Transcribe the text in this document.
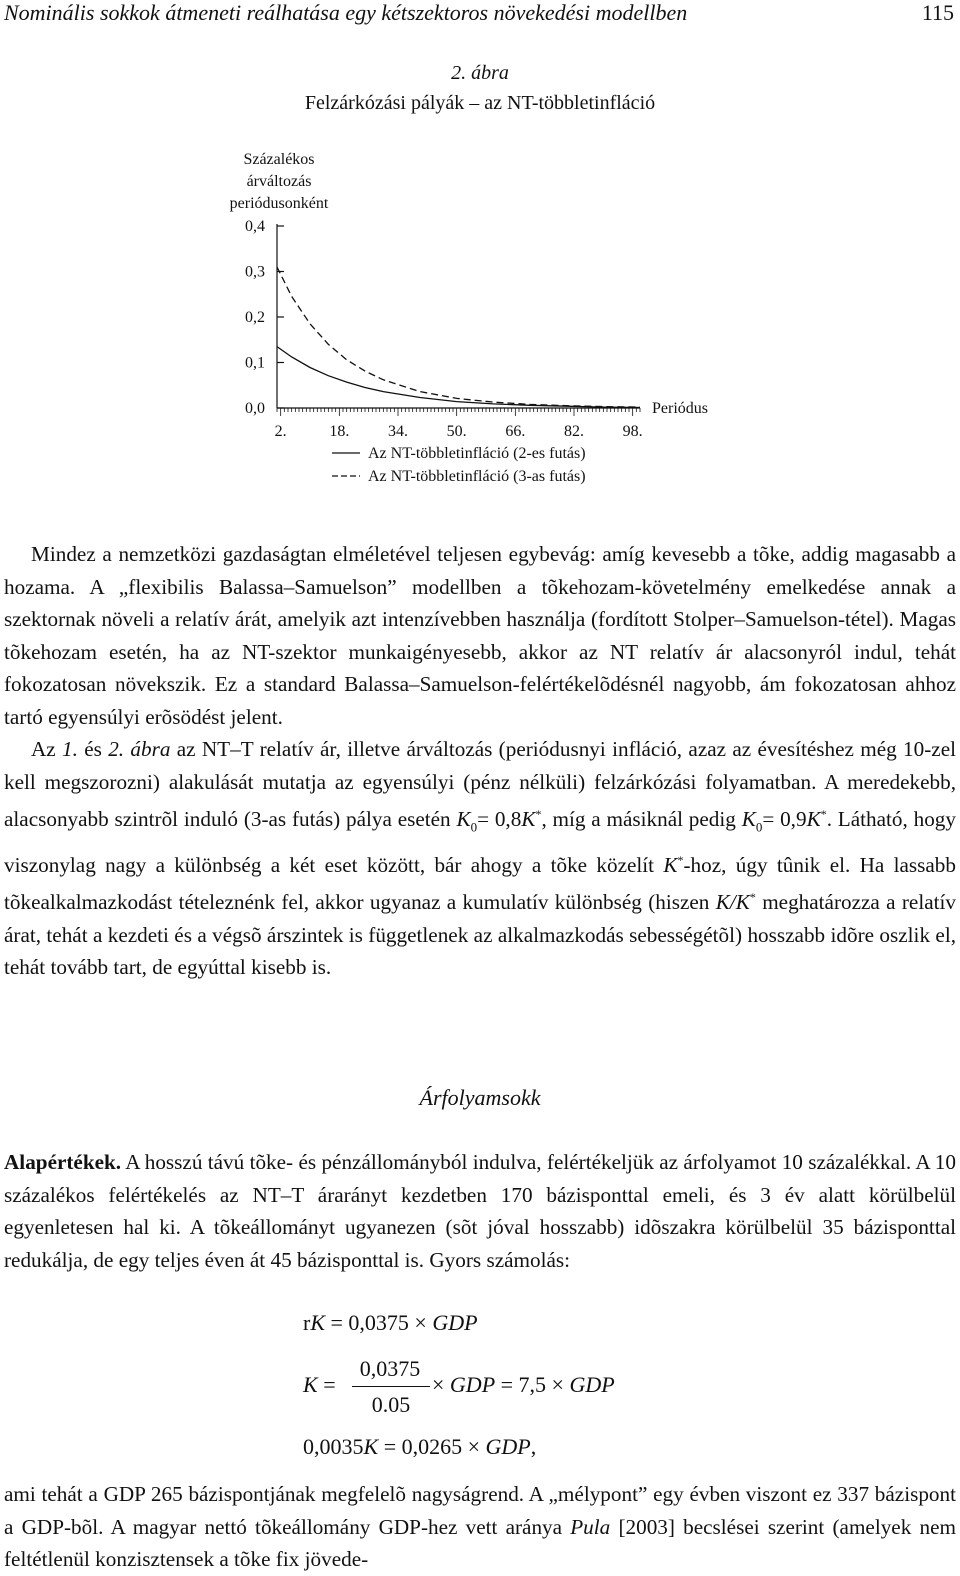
Nominális sokkok átmeneti reálhatása egy kétszektoros növekedési modellben	115
2. ábra
Felzárkózási pályák – az NT-többletinfláció
Százalékos
árváltozás
periódusonként
0,4
0,3
0,2
0,1
0,0
2.	18. 34. 50. 66. 82. 98.
Periódus
Az NT-többletinfláció (2-es futás)
Az NT-többletinfláció (3-as futás)

Mindez a nemzetközi gazdaságtan elméletével teljesen egybevág: amíg kevesebb a tõke, addig magasabb a hozama. A „flexibilis Balassa–Samuelson” modellben a tõkehozam-követelmény emelkedése annak a szektornak növeli a relatív árát, amelyik azt intenzívebben használja (fordított Stolper–Samuelson-tétel). Magas tõkehozam esetén, ha az NT-szektor munkaigényesebb, akkor az NT relatív ár alacsonyról indul, tehát fokozatosan növekszik. Ez a standard Balassa–Samuelson-felértékelõdésnél nagyobb, ám fokozatosan ahhoz tartó egyensúlyi erõsödést jelent.

Az 1. és 2. ábra az NT–T relatív ár, illetve árváltozás (periódusnyi infláció, azaz az évesítéshez még 10-zel kell megszorozni) alakulását mutatja az egyensúlyi (pénz nélküli) felzárkózási folyamatban. A meredekebb, alacsonyabb szintrõl induló (3-as futás) pálya esetén $K_0= 0,8K^*$, míg a másiknál pedig $K_0= 0,9K^*$. Látható, hogy viszonylag nagy a különbség a két eset között, bár ahogy a tõke közelít K*-hoz, úgy tûnik el. Ha lassabb tõkealkalmazkodást tételeznénk fel, akkor ugyanaz a kumulatív különbség (hiszen K/K* meghatározza a relatív árat, tehát a kezdeti és a végsõ árszintek is függetlenek az alkalmazkodás sebességétõl) hosszabb idõre oszlik el, tehát tovább tart, de egyúttal kisebb is.

Árfolyamsokk

Alapértékek. A hosszú távú tõke- és pénzállományból indulva, felértékeljük az árfolyamot 10 százalékkal. A 10 százalékos felértékelés az NT–T árarányt kezdetben 170 bázisponttal emeli, és 3 év alatt körülbelül egyenletesen hal ki. A tõkeállományt ugyanezen (sõt jóval hosszabb) idõszakra körülbelül 35 bázisponttal redukálja, de egy teljes éven át 45 bázisponttal is. Gyors számolás:

rK = 0,0375 × GDP
K =
0,0375
0.05
× GDP = 7,5 × GDP
0,0035K = 0,0265 × GDP,

ami tehát a GDP 265 bázispontjának megfelelõ nagyságrend. A „mélypont” egy évben viszont ez 337 bázispont a GDP-bõl. A magyar nettó tõkeállomány GDP-hez vett aránya Pula [2003] becslései szerint (amelyek nem feltétlenül konzisztensek a tõke fix jövede-
